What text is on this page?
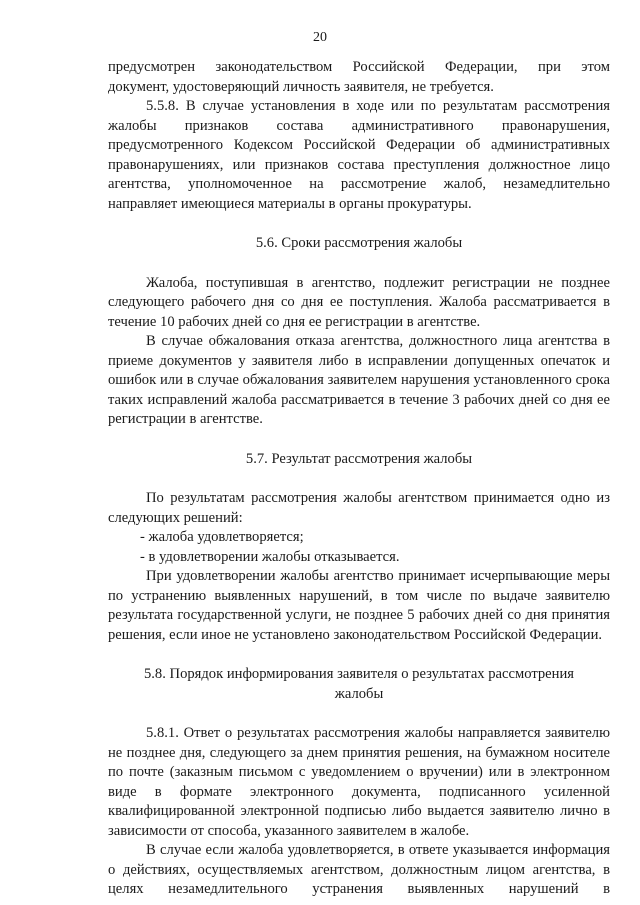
20

предусмотрен законодательством Российской Федерации, при этом

документ, удостоверяющий личность заявителя, не требуется.

5.5.8. В случае установления в ходе или по результатам рассмотрения жалобы признаков состава административного правонарушения, предусмотренного Кодексом Российской Федерации об административных правонарушениях, или признаков состава преступления должностное лицо агентства, уполномоченное на рассмотрение жалоб, незамедлительно направляет имеющиеся материалы в органы прокуратуры.

5.6. Сроки рассмотрения жалобы

Жалоба, поступившая в агентство, подлежит регистрации не позднее следующего рабочего дня со дня ее поступления. Жалоба рассматривается в течение 10 рабочих дней со дня ее регистрации в агентстве.

В случае обжалования отказа агентства, должностного лица агентства в приеме документов у заявителя либо в исправлении допущенных опечаток и ошибок или в случае обжалования заявителем нарушения установленного срока таких исправлений жалоба рассматривается в течение 3 рабочих дней со дня ее регистрации в агентстве.

5.7. Результат рассмотрения жалобы

По результатам рассмотрения жалобы агентством принимается одно из следующих решений:

- жалоба удовлетворяется;

- в удовлетворении жалобы отказывается.

При удовлетворении жалобы агентство принимает исчерпывающие меры по устранению выявленных нарушений, в том числе по выдаче заявителю результата государственной услуги, не позднее 5 рабочих дней со дня принятия решения, если иное не установлено законодательством Российской Федерации.

5.8. Порядок информирования заявителя о результатах рассмотрения
жалобы

5.8.1. Ответ о результатах рассмотрения жалобы направляется заявителю не позднее дня, следующего за днем принятия решения, на бумажном носителе по почте (заказным письмом с уведомлением о вручении) или в электронном виде в формате электронного документа, подписанного усиленной квалифицированной электронной подписью либо выдается заявителю лично в зависимости от способа, указанного заявителем в жалобе.

В случае если жалоба удовлетворяется, в ответе указывается информация о действиях, осуществляемых агентством, должностным лицом агентства, в целях незамедлительного устранения выявленных нарушений в
